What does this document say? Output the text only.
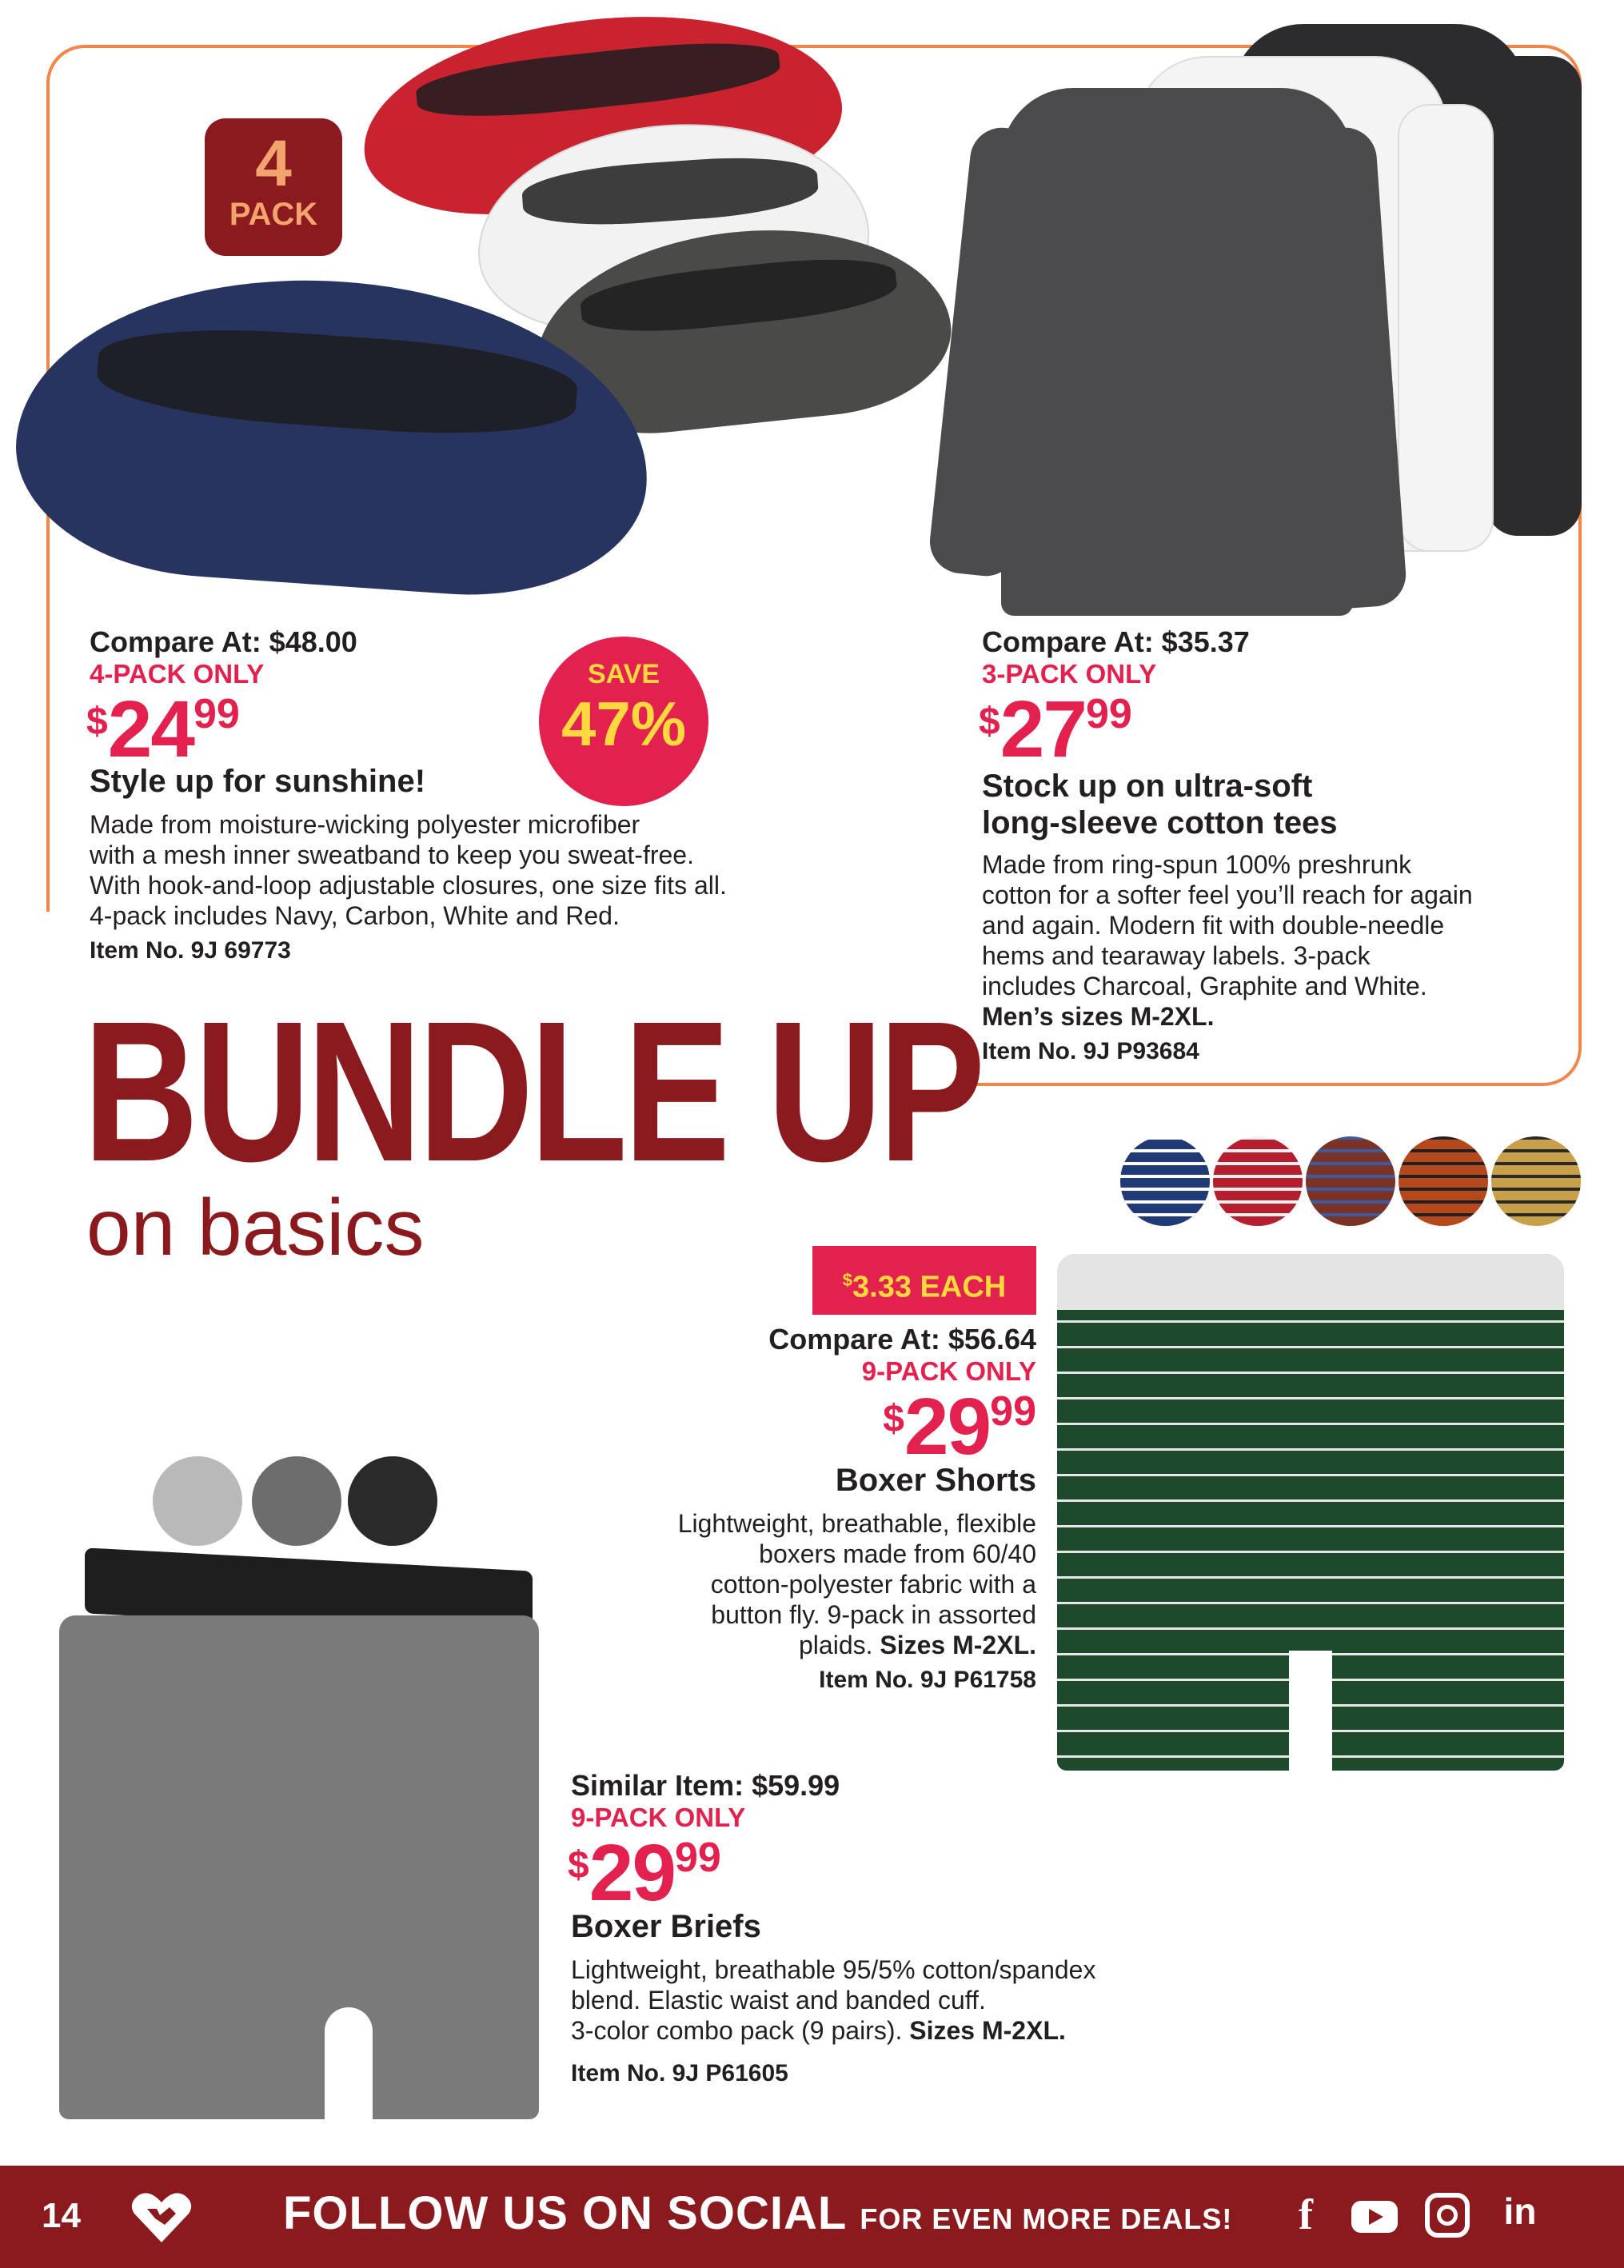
4
PACK
Compare At: $48.00
4-PACK ONLY
$2499
SAVE
47%
Style up for sunshine!
Made from moisture-wicking polyester microfiber
with a mesh inner sweatband to keep you sweat-free.
With hook-and-loop adjustable closures, one size fits all.
4-pack includes Navy, Carbon, White and Red.
Item No. 9J 69773
Compare At: $35.37
3-PACK ONLY
$2799
Stock up on ultra-soft
long-sleeve cotton tees
Made from ring-spun 100% preshrunk
cotton for a softer feel you’ll reach for again
and again. Modern fit with double-needle
hems and tearaway labels. 3-pack
includes Charcoal, Graphite and White.
Men’s sizes M-2XL.
Item No. 9J P93684
BUNDLE UP
on basics
$3.33 EACH
Compare At: $56.64
9-PACK ONLY
$2999
Boxer Shorts
Lightweight, breathable, flexible
boxers made from 60/40
cotton-polyester fabric with a
button fly. 9-pack in assorted
plaids. Sizes M-2XL.
Item No. 9J P61758
Similar Item: $59.99
9-PACK ONLY
$2999
Boxer Briefs
Lightweight, breathable 95/5% cotton/spandex
blend. Elastic waist and banded cuff.
3-color combo pack (9 pairs). Sizes M-2XL.
Item No. 9J P61605
14	FOLLOW US ON SOCIAL FOR EVEN MORE DEALS!	f	in
